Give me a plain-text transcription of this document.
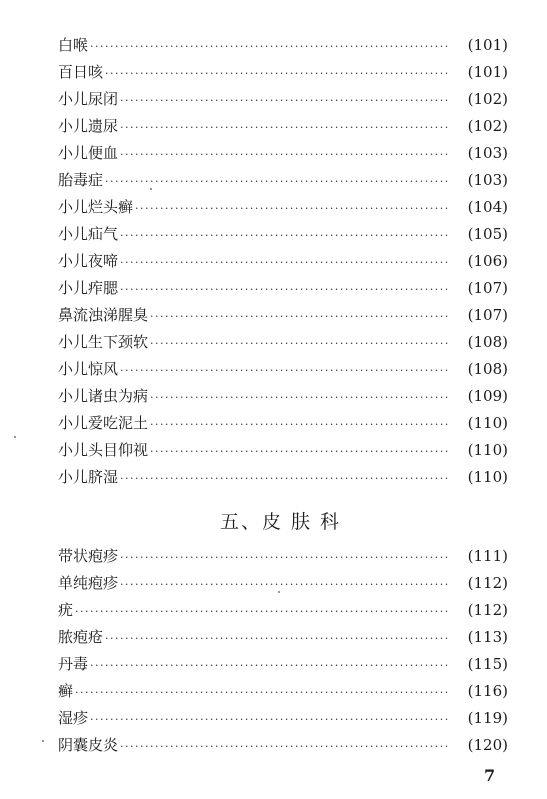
白喉 ·····	(101)
百日咳 ·····	(101)
小儿尿闭 ·····	(102)
小儿遗尿 ·····	(102)
小儿便血 ·····	(103)
胎毒症 ·····	(103)
小儿烂头癣 ·····	(104)
小儿疝气 ·····	(105)
小儿夜啼 ·····	(106)
小儿痄腮 ·····	(107)
鼻流浊涕腥臭 ·····	(107)
小儿生下颈软 ·····	(108)
小儿惊风 ·····	(108)
小儿诸虫为病 ·····	(109)
小儿爱吃泥土 ·····	(110)
小儿头目仰视 ·····	(110)
小儿脐湿 ·····	(110)
五、皮 肤 科
带状疱疹 ·····	(111)
单纯疱疹 ·····	(112)
疣 ·····	(112)
脓疱疮 ·····	(113)
丹毒 ·····	(115)
癣 ·····	(116)
湿疹 ·····	(119)
阴囊皮炎 ·····	(120)
7
